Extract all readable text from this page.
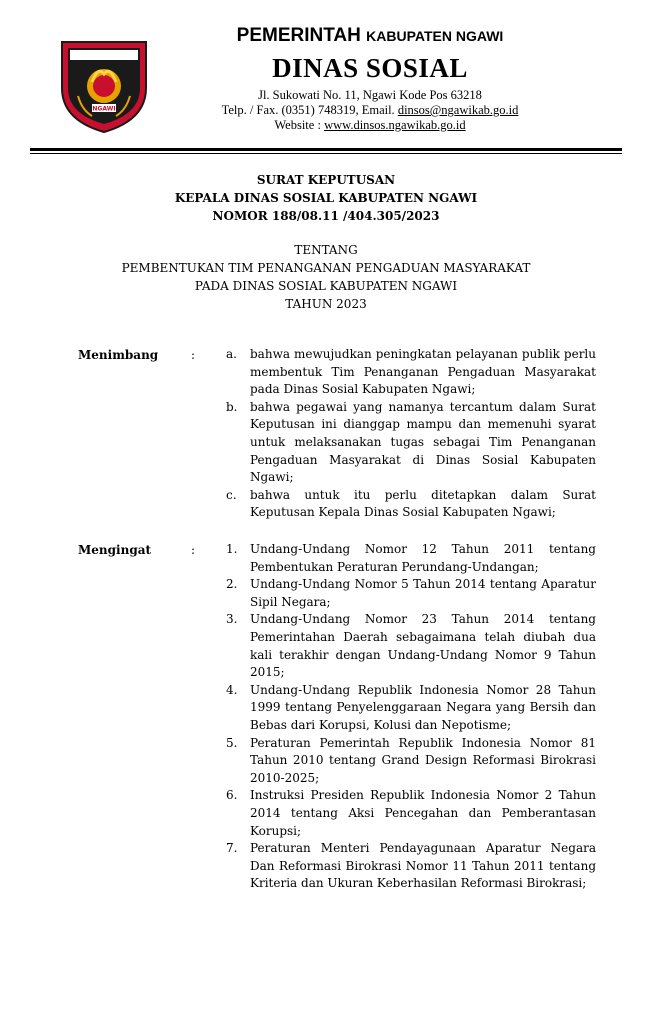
NGAWI
PEMERINTAH KABUPATEN NGAWI
DINAS SOSIAL
Jl. Sukowati No. 11, Ngawi Kode Pos 63218
Telp. / Fax. (0351) 748319, Email. dinsos@ngawikab.go.id
Website : www.dinsos.ngawikab.go.id
SURAT KEPUTUSAN
KEPALA DINAS SOSIAL KABUPATEN NGAWI
NOMOR 188/08.11 /404.305/2023
TENTANG
PEMBENTUKAN TIM PENANGANAN PENGADUAN MASYARAKAT
PADA DINAS SOSIAL KABUPATEN NGAWI
TAHUN 2023
Menimbang	:	a.	bahwa mewujudkan peningkatan pelayanan publik perlu membentuk Tim Penanganan Pengaduan Masyarakat pada Dinas Sosial Kabupaten Ngawi;
b.	bahwa pegawai yang namanya tercantum dalam Surat Keputusan ini dianggap mampu dan memenuhi syarat untuk melaksanakan tugas sebagai Tim Penanganan Pengaduan Masyarakat di Dinas Sosial Kabupaten Ngawi;
c.	bahwa untuk itu perlu ditetapkan dalam Surat Keputusan Kepala Dinas Sosial Kabupaten Ngawi;
Mengingat	:	1.	Undang-Undang Nomor 12 Tahun 2011 tentang Pembentukan Peraturan Perundang-Undangan;
2.	Undang-Undang Nomor 5 Tahun 2014 tentang Aparatur Sipil Negara;
3.	Undang-Undang Nomor 23 Tahun 2014 tentang Pemerintahan Daerah sebagaimana telah diubah dua kali terakhir dengan Undang-Undang Nomor 9 Tahun 2015;
4.	Undang-Undang Republik Indonesia Nomor 28 Tahun 1999 tentang Penyelenggaraan Negara yang Bersih dan Bebas dari Korupsi, Kolusi dan Nepotisme;
5.	Peraturan Pemerintah Republik Indonesia Nomor 81 Tahun 2010 tentang Grand Design Reformasi Birokrasi 2010-2025;
6.	Instruksi Presiden Republik Indonesia Nomor 2 Tahun 2014 tentang Aksi Pencegahan dan Pemberantasan Korupsi;
7.	Peraturan Menteri Pendayagunaan Aparatur Negara Dan Reformasi Birokrasi Nomor 11 Tahun 2011 tentang Kriteria dan Ukuran Keberhasilan Reformasi Birokrasi;
